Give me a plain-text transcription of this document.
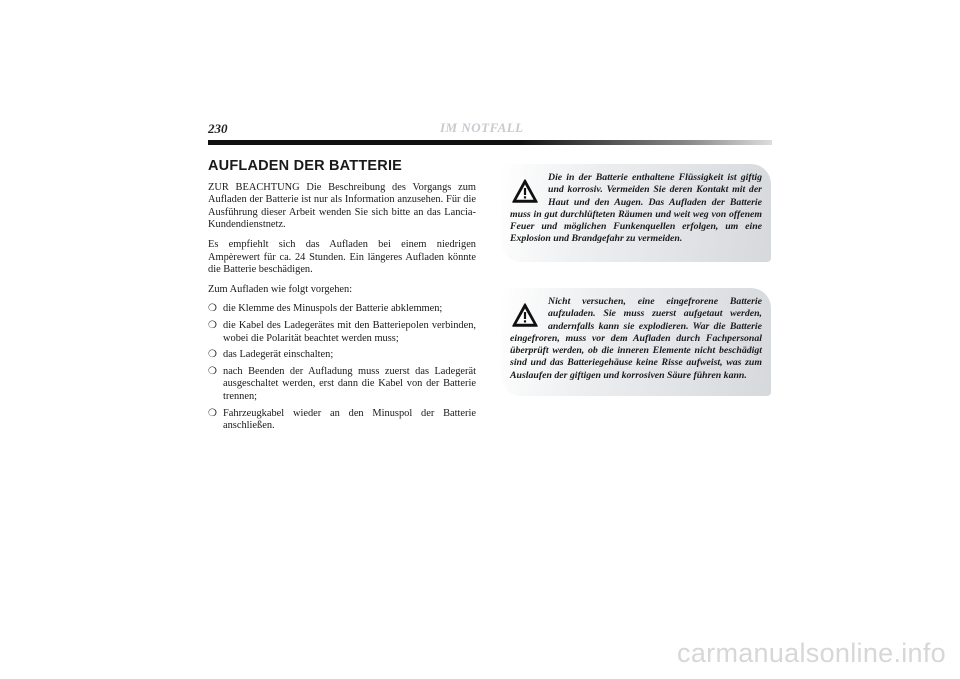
230	IM NOTFALL
AUFLADEN DER BATTERIE

ZUR BEACHTUNG Die Beschreibung des Vorgangs zum Aufladen der Batterie ist nur als Information anzusehen. Für die Ausführung dieser Arbeit wenden Sie sich bitte an das Lancia-Kundendienstnetz.

Es empfiehlt sich das Aufladen bei einem niedrigen Ampèrewert für ca. 24 Stunden. Ein längeres Aufladen könnte die Batterie beschädigen.

Zum Aufladen wie folgt vorgehen:

❍ die Klemme des Minuspols der Batterie abklemmen;
❍ die Kabel des Ladegerätes mit den Batteriepolen verbinden, wobei die Polarität beachtet werden muss;
❍ das Ladegerät einschalten;
❍ nach Beenden der Aufladung muss zuerst das Ladegerät ausgeschaltet werden, erst dann die Kabel von der Batterie trennen;
❍ Fahrzeugkabel wieder an den Minuspol der Batterie anschließen.
Die in der Batterie enthaltene Flüssigkeit ist giftig und korrosiv. Vermeiden Sie deren Kontakt mit der Haut und den Augen. Das Aufladen der Batterie muss in gut durchlüfteten Räumen und weit weg von offenem Feuer und möglichen Funkenquellen erfolgen, um eine Explosion und Brandgefahr zu vermeiden.
Nicht versuchen, eine eingefrorene Batterie aufzuladen. Sie muss zuerst aufgetaut werden, andernfalls kann sie explodieren. War die Batterie eingefroren, muss vor dem Aufladen durch Fachpersonal überprüft werden, ob die inneren Elemente nicht beschädigt sind und das Batteriegehäuse keine Risse aufweist, was zum Auslaufen der giftigen und korrosiven Säure führen kann.
carmanualsonline.info
